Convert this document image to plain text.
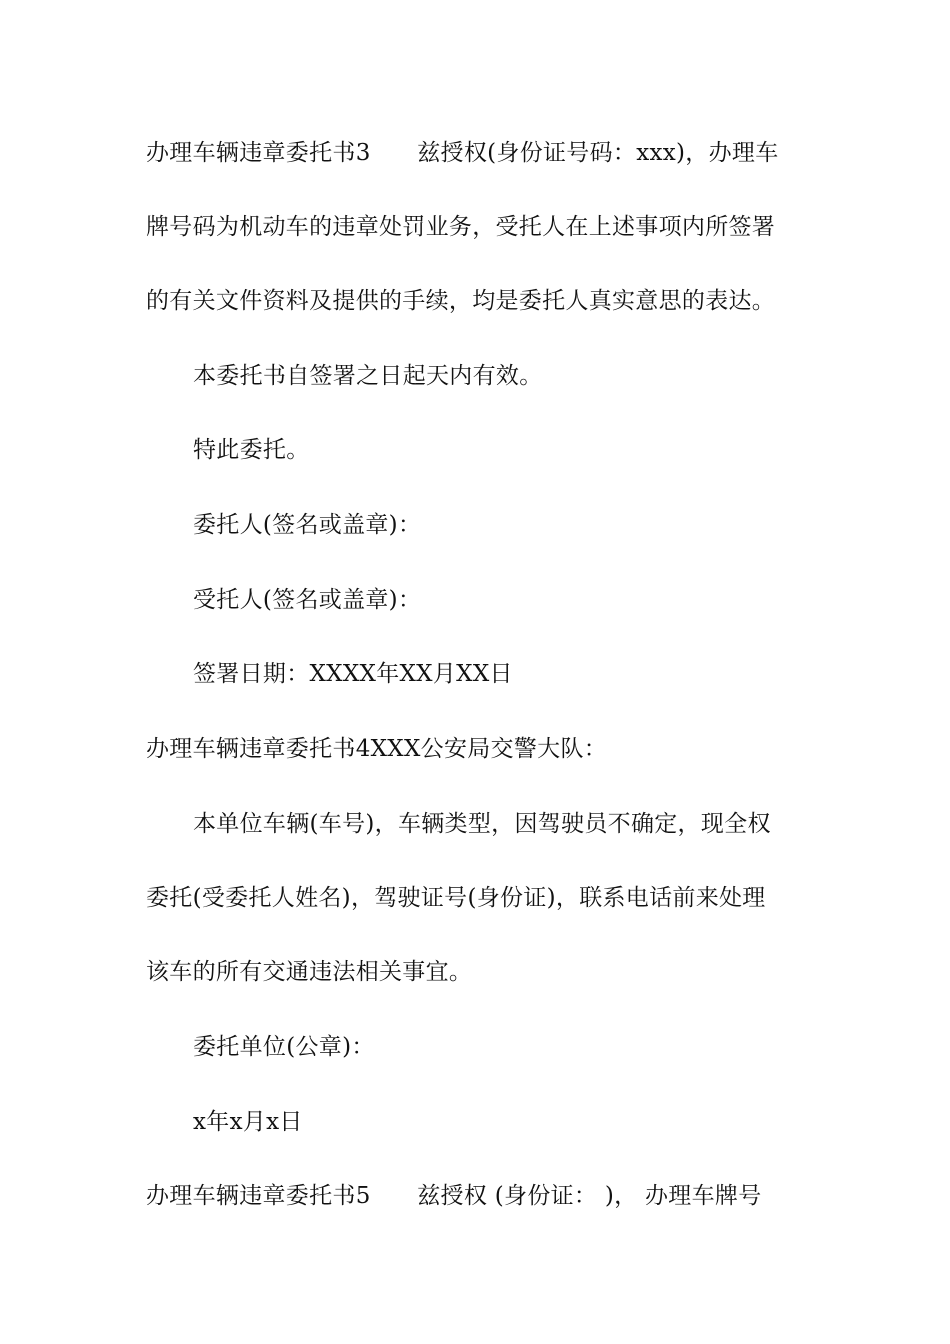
办理车辆违章委托书3　　兹授权(身份证号码：xxx)，办理车
牌号码为机动车的违章处罚业务，受托人在上述事项内所签署
的有关文件资料及提供的手续，均是委托人真实意思的表达。
本委托书自签署之日起天内有效。
特此委托。
委托人(签名或盖章)：
受托人(签名或盖章)：
签署日期：XXXX年XX月XX日
办理车辆违章委托书4XXX公安局交警大队：
本单位车辆(车号)，车辆类型，因驾驶员不确定，现全权
委托(受委托人姓名)，驾驶证号(身份证)，联系电话前来处理
该车的所有交通违法相关事宜。
委托单位(公章)：
x年x月x日
办理车辆违章委托书5　　兹授权 (身份证： )， 办理车牌号
